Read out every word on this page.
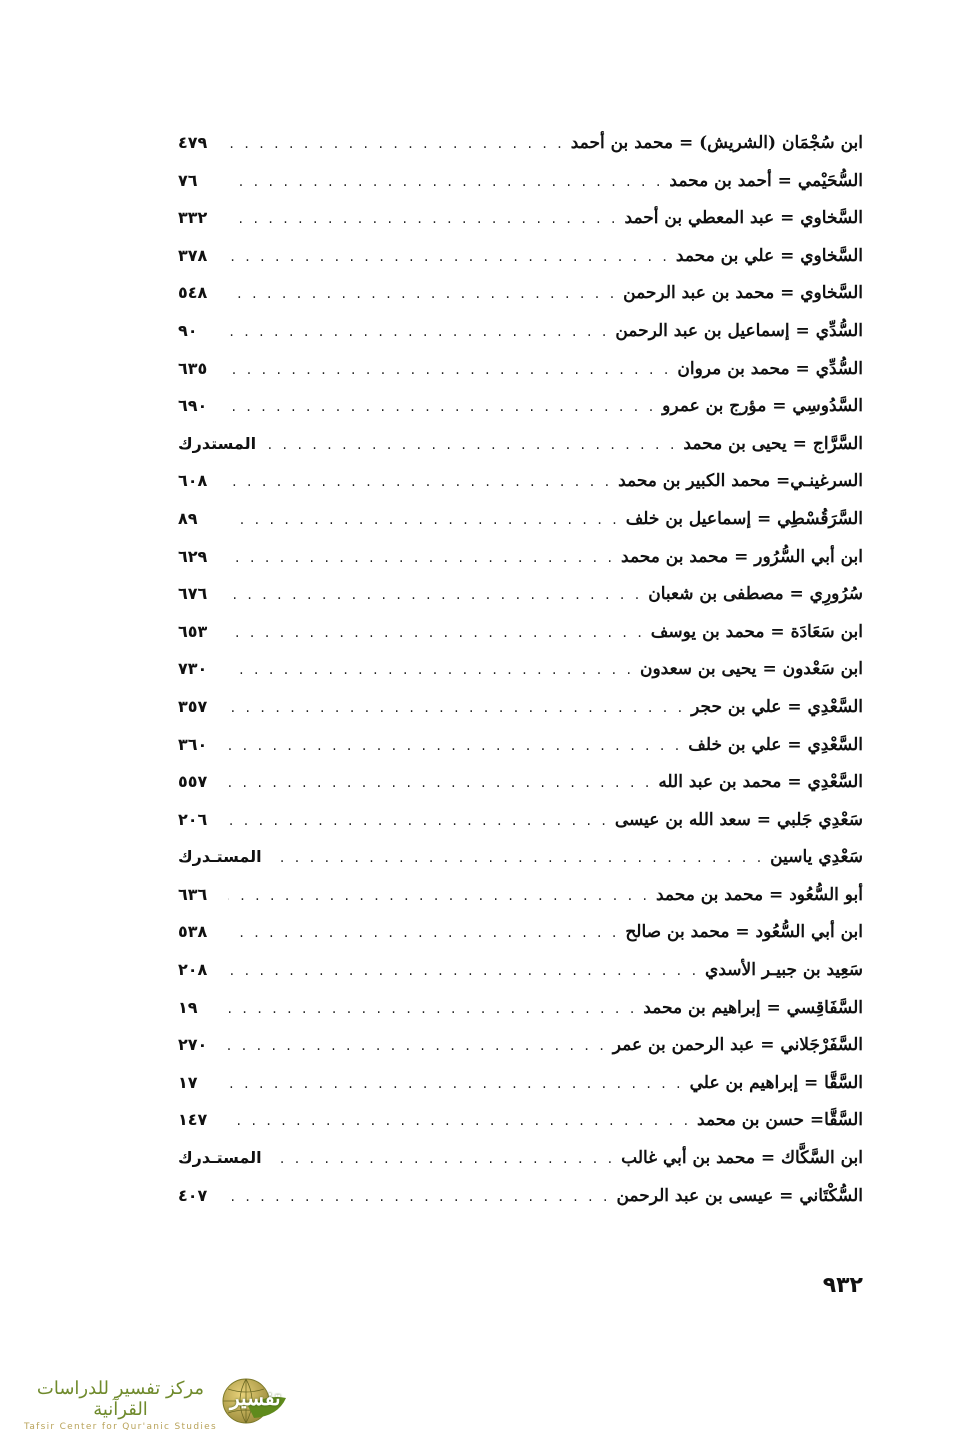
ابن سُجْمَان (الشريش) = محمد بن أحمد
. . .
٤٧٩
السُّحَيْمي = أحمد بن محمد
. . .
٧٦
السَّخاوي = عبد المعطي بن أحمد
. . .
٣٣٢
السَّخاوي = علي بن محمد
. . .
٣٧٨
السَّخاوي = محمد بن عبد الرحمن
. . .
٥٤٨
السُّدِّي = إسماعيل بن عبد الرحمن
. . .
٩٠
السُّدِّي = محمد بن مروان
. . .
٦٣٥
السَّدُوسِي = مؤرج بن عمرو
. . .
٦٩٠
السَّرَّاج = يحيى بن محمد
. . .
المستدرك
السرغينـي= محمد الكبير بن محمد
. . .
٦٠٨
السَّرَقُسْطِي = إسماعيل بن خلف
. . .
٨٩
ابن أبي السُّرُور = محمد بن محمد
. . .
٦٢٩
سُرُورِي = مصطفى بن شعبان
. . .
٦٧٦
ابن سَعَادَة = محمد بن يوسف
. . .
٦٥٣
ابن سَعْدون = يحيى بن سعدون
. . .
٧٣٠
السَّعْدِي = علي بن حجر
. . .
٣٥٧
السَّعْدِي = علي بن خلف
. . .
٣٦٠
السَّعْدِي = محمد بن عبد الله
. . .
٥٥٧
سَعْدِي جَلبي = سعد الله بن عيسى
. . .
٢٠٦
سَعْدِي ياسين
. . .
المستـدرك
أبو السُّعُود = محمد بن محمد
. . .
٦٣٦
ابن أبي السُّعُود = محمد بن صالح
. . .
٥٣٨
سَعِيد بن جبيـر الأسدي
. . .
٢٠٨
السَّفَاقِسي = إبراهيم بن محمد
. . .
١٩
السَّفَرْجَلاني = عبد الرحمن بن عمر
. . .
٢٧٠
السَّقَّا = إبراهيم بن علي
. . .
١٧
السَّقَّا= حسن بن محمد
. . .
١٤٧
ابن السَّكَّاك = محمد بن أبي غالب
. . .
المستـدرك
السُّكْتَاني = عيسى بن عبد الرحمن
. . .
٤٠٧
٩٣٢
مركز تفسير للدراسات القرآنية
Tafsir Center for Qur'anic Studies
تفسير
